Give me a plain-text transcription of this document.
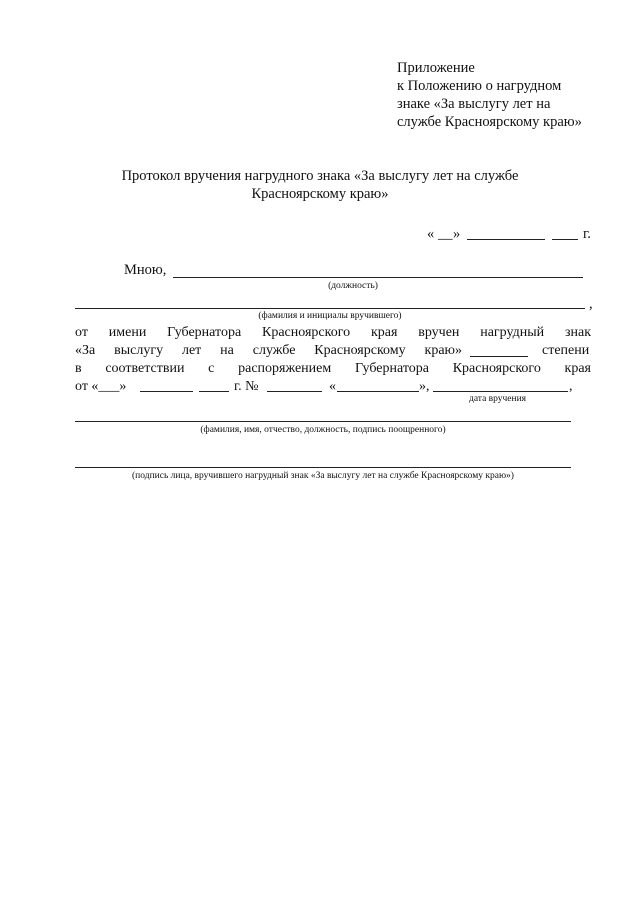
Приложение
к Положению о нагрудном
знаке «За выслугу лет на
службе Красноярскому краю»
Протокол вручения нагрудного знака «За выслугу лет на службе
Красноярскому краю»
« __ »	г.
Мною,
(должность)
,
(фамилия и инициалы вручившего)
от имени Губернатора Красноярского края вручен нагрудный знак
«За выслугу лет на службе Красноярскому краю»	степени
в соответствии с распоряжением Губернатора Красноярского края
от «___»	г. №	«	»,	,
дата вручения
(фамилия, имя, отчество, должность, подпись поощренного)
(подпись лица, вручившего нагрудный знак «За выслугу лет на службе Красноярскому краю»)
